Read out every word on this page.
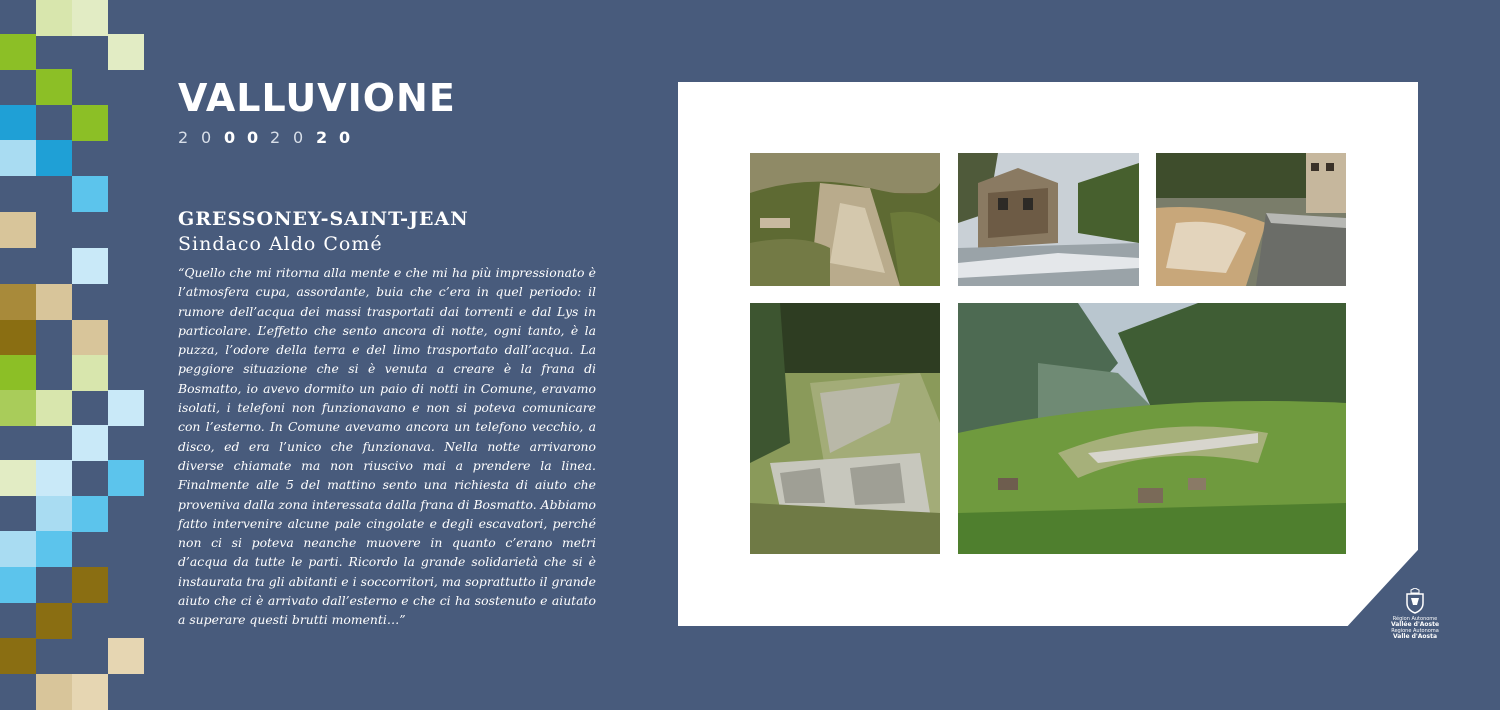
VALLUVIONE
2 0 0 0 2 0 2 0
GRESSONEY-SAINT-JEAN
Sindaco Aldo Comé
“Quello che mi ritorna alla mente e che mi ha più impressionato è l’atmosfera cupa, assordante, buia che c’era in quel periodo: il rumore dell’acqua dei massi trasportati dai torrenti e dal Lys in particolare. L’effetto che sento ancora di notte, ogni tanto, è la puzza, l’odore della terra e del limo trasportato dall’acqua. La peggiore situazione che si è venuta a creare è la frana di Bosmatto, io avevo dormito un paio di notti in Comune, eravamo isolati, i telefoni non funzionavano e non si poteva comunicare con l’esterno. In Comune avevamo ancora un telefono vecchio, a disco, ed era l’unico che funzionava. Nella notte arrivarono diverse chiamate ma non riuscivo mai a prendere la linea. Finalmente alle 5 del mattino sento una richiesta di aiuto che proveniva dalla zona interessata dalla frana di Bosmatto. Abbiamo fatto intervenire alcune pale cingolate e degli escavatori, perché non ci si poteva neanche muovere in quanto c’erano metri d’acqua da tutte le parti. Ricordo la grande solidarietà che si è instaurata tra gli abitanti e i soccorritori, ma soprattutto il grande aiuto che ci è arrivato dall’esterno e che ci ha sostenuto e aiutato a superare questi brutti momenti…”	Région Autonome
Vallée d'Aoste
Regione Autonoma
Valle d'Aosta
